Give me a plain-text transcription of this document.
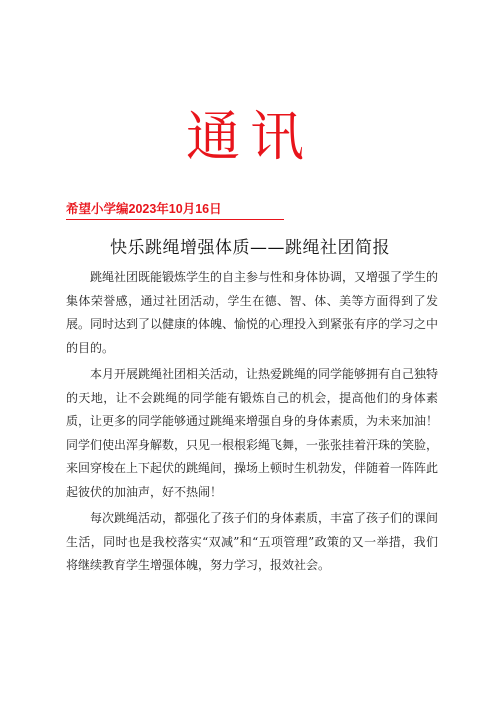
通讯
希望小学编2023年10月16日
快乐跳绳增强体质——跳绳社团简报

跳绳社团既能锻炼学生的自主参与性和身体协调，又增强了学生的集体荣誉感，通过社团活动，学生在德、智、体、美等方面得到了发展。同时达到了以健康的体魄、愉悦的心理投入到紧张有序的学习之中的目的。

本月开展跳绳社团相关活动，让热爱跳绳的同学能够拥有自己独特的天地，让不会跳绳的同学能有锻炼自己的机会，提高他们的身体素质，让更多的同学能够通过跳绳来增强自身的身体素质，为未来加油！同学们使出浑身解数，只见一根根彩绳飞舞，一张张挂着汗珠的笑脸，来回穿梭在上下起伏的跳绳间，操场上顿时生机勃发，伴随着一阵阵此起彼伏的加油声，好不热闹！

每次跳绳活动，都强化了孩子们的身体素质，丰富了孩子们的课间生活，同时也是我校落实“双减”和“五项管理”政策的又一举措，我们将继续教育学生增强体魄，努力学习，报效社会。
